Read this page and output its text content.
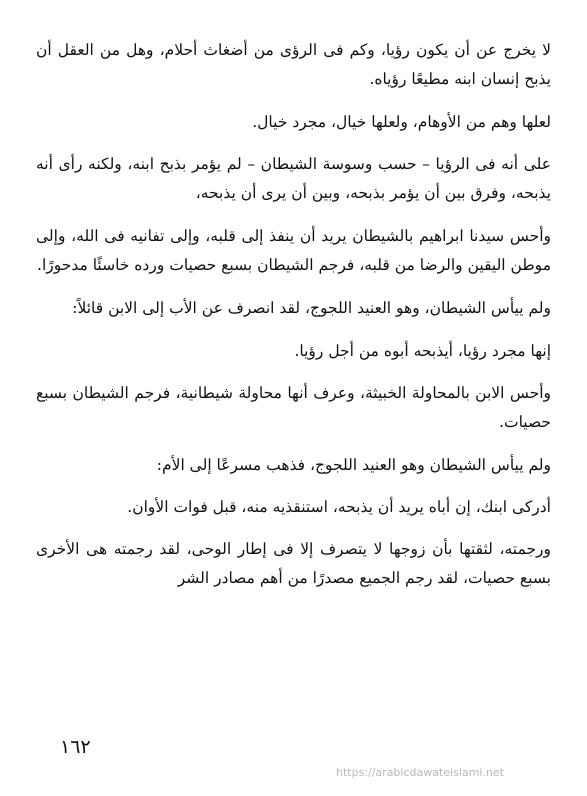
لا يخرج عن أن يكون رؤيا، وكم فى الرؤى من أضغاث أحلام، وهل من العقل أن يذبح إنسان ابنه مطيعًا رؤياه.

لعلها وهم من الأوهام، ولعلها خيال، مجرد خيال.

على أنه فى الرؤيا – حسب وسوسة الشيطان – لم يؤمر بذبح ابنه، ولكنه رأى أنه يذبحه، وفرق بين أن يؤمر بذبحه، وبين أن يرى أن يذبحه،

وأحس سيدنا ابراهيم بالشيطان يريد أن ينفذ إلى قلبه، وإلى تفانيه فى الله، وإلى موطن اليقين والرضا من قلبه، فرجم الشيطان بسبع حصيات ورده خاسئًا مدحورًا.

ولم ييأس الشيطان، وهو العنيد اللجوج، لقد انصرف عن الأب إلى الابن قائلاً:

إنها مجرد رؤيا، أيذبحه أبوه من أجل رؤيا.

وأحس الابن بالمحاولة الخبيثة، وعرف أنها محاولة شيطانية، فرجم الشيطان بسبع حصيات.

ولم ييأس الشيطان وهو العنيد اللجوج، فذهب مسرعًا إلى الأم:

أدركى ابنك، إن أباه يريد أن يذبحه، استنقذيه منه، قبل فوات الأوان.

ورجمته، لثقتها بأن زوجها لا يتصرف إلا فى إطار الوحى، لقد رجمته هى الأخرى بسبع حصيات، لقد رجم الجميع مصدرًا من أهم مصادر الشر

١٦٢
https://arabicdawateislami.net
